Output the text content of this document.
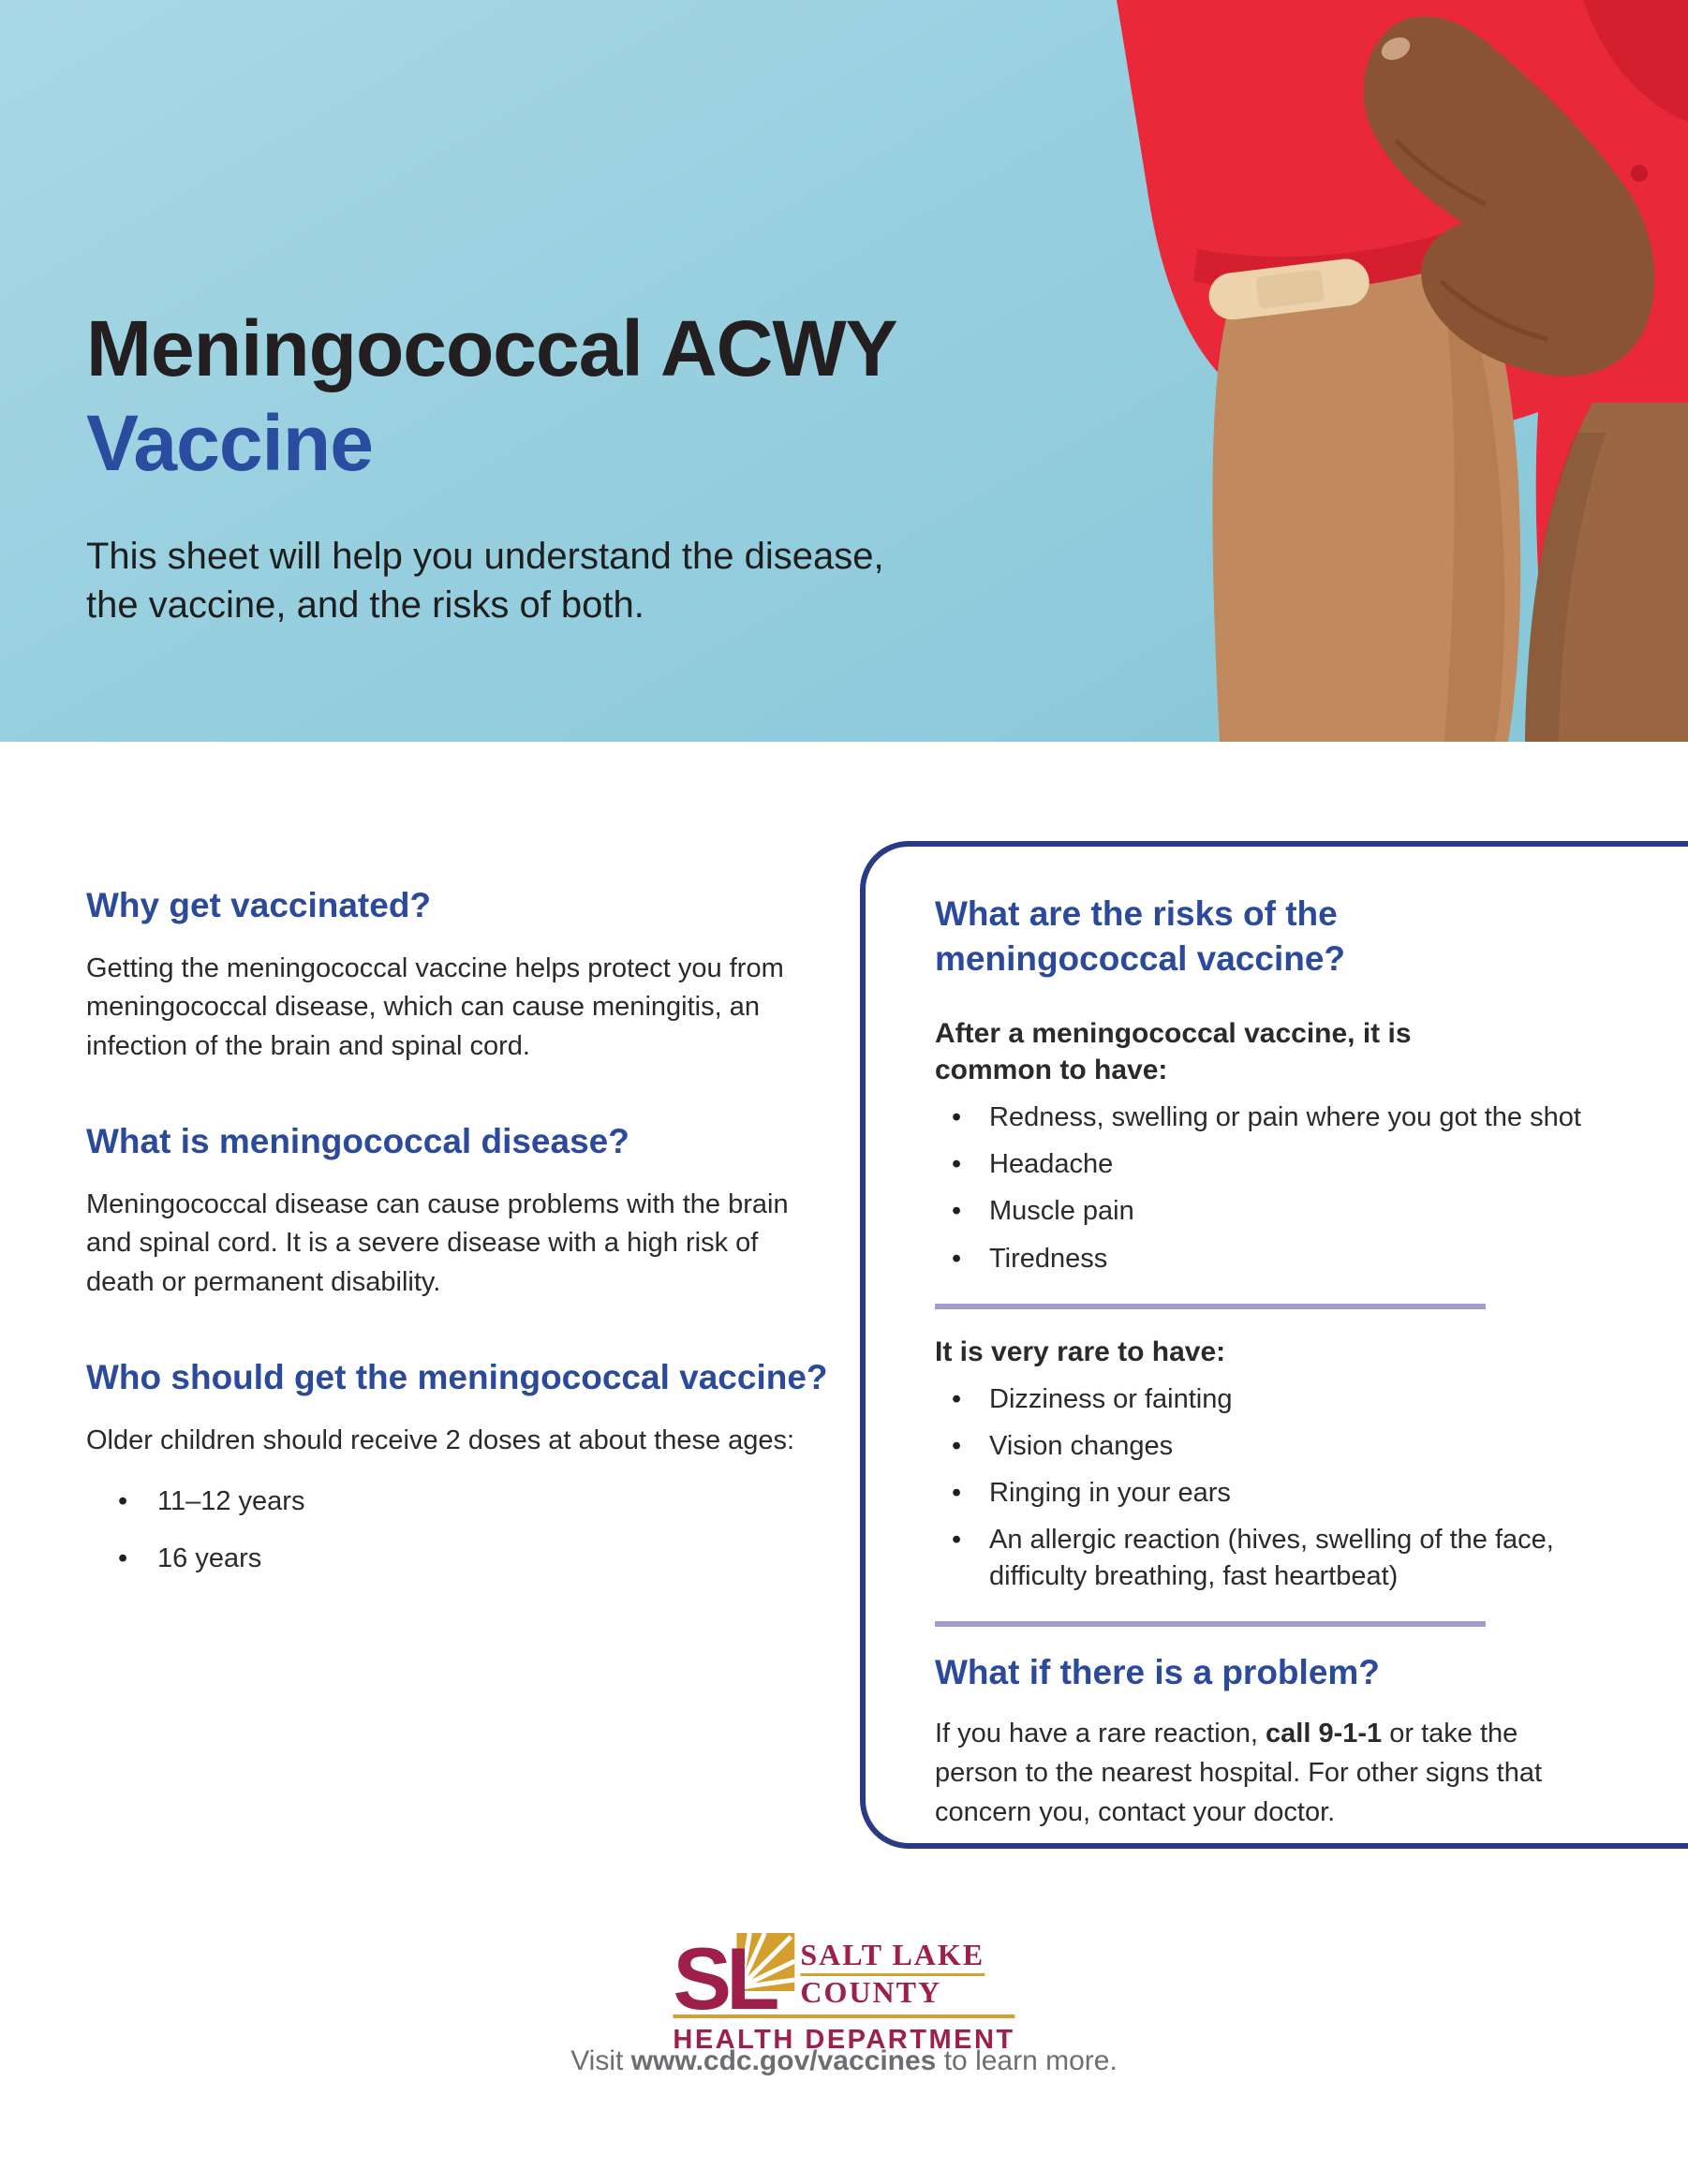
Meningococcal ACWY
Vaccine

This sheet will help you understand the disease,
the vaccine, and the risks of both.

Why get vaccinated?

Getting the meningococcal vaccine helps protect you from meningococcal disease, which can cause meningitis, an infection of the brain and spinal cord.

What is meningococcal disease?

Meningococcal disease can cause problems with the brain and spinal cord. It is a severe disease with a high risk of death or permanent disability.

Who should get the meningococcal vaccine?

Older children should receive 2 doses at about these ages:

• 11–12 years
• 16 years
What are the risks of the meningococcal vaccine?

After a meningococcal vaccine, it is common to have:

• Redness, swelling or pain where you got the shot
• Headache
• Muscle pain
• Tiredness

It is very rare to have:

• Dizziness or fainting
• Vision changes
• Ringing in your ears
• An allergic reaction (hives, swelling of the face, difficulty breathing, fast heartbeat)
What if there is a problem?

If you have a rare reaction, call 9-1-1 or take the person to the nearest hospital. For other signs that concern you, contact your doctor.

SL SALT LAKE
COUNTY
HEALTH DEPARTMENT
Visit www.cdc.gov/vaccines to learn more.
